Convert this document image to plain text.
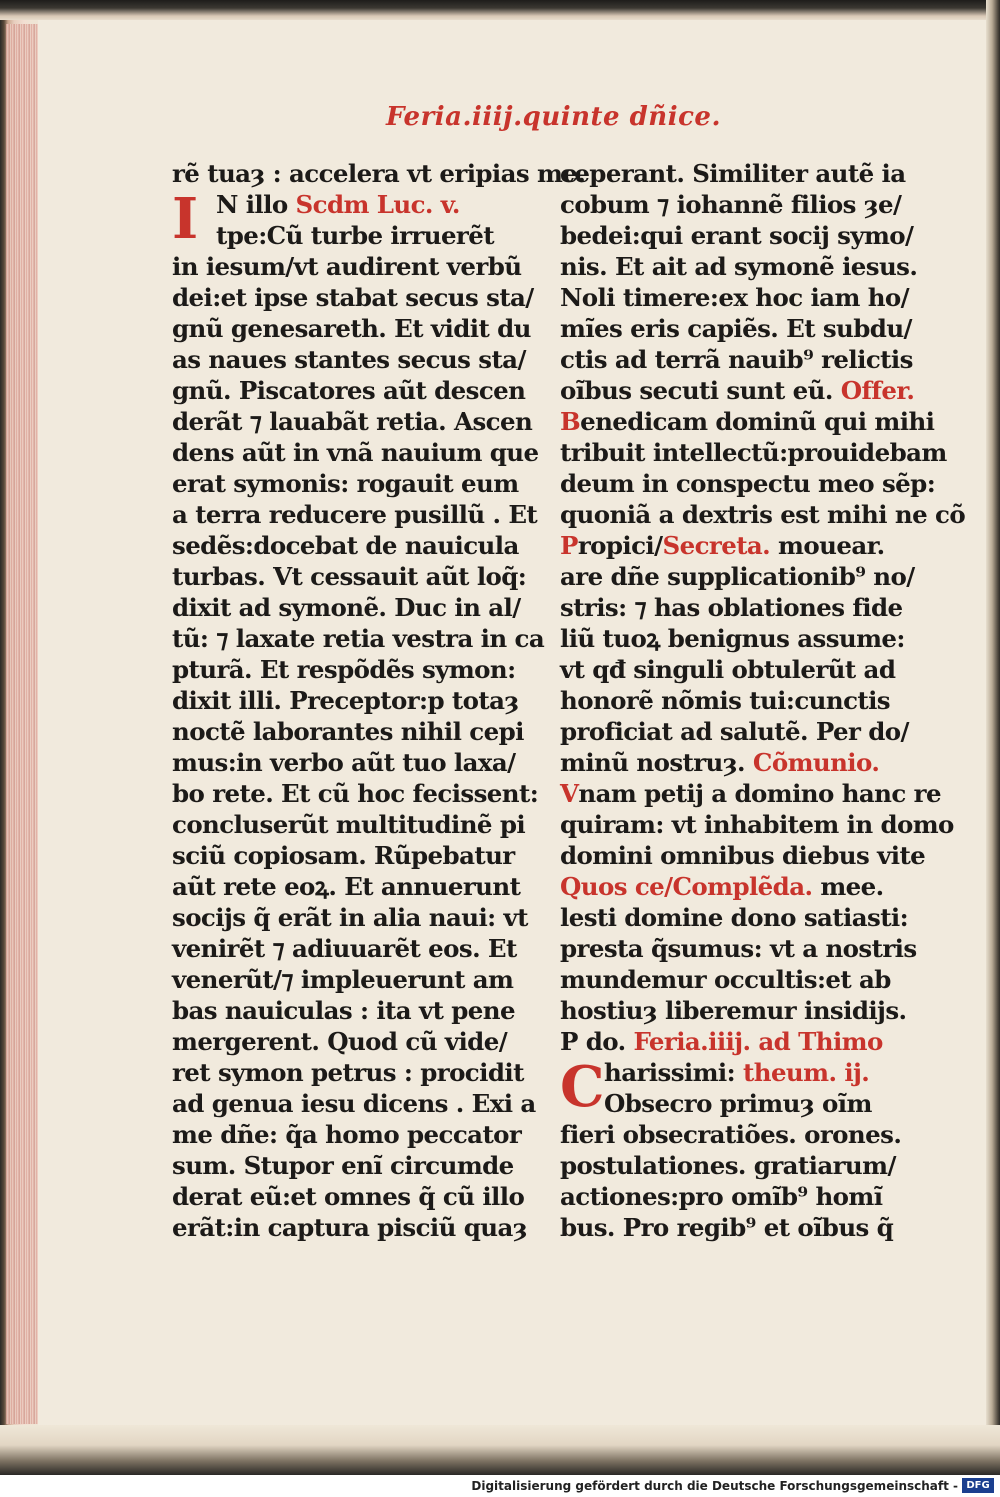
Feria.iiij.quinte dñice.
rẽ tuaȝ : accelera vt eripias me.
I N illo Scdm Luc. v.
tpe:Cũ turbe irruerẽt
in iesum/vt audirent verbũ
dei:et ipse stabat secus sta/
gnũ genesareth. Et vidit du
as naues stantes secus sta/
gnũ. Piscatores aũt descen
derãt ⁊ lauabãt retia. Ascen
dens aũt in vnã nauium que
erat symonis: rogauit eum
a terra reducere pusillũ . Et
sedẽs:docebat de nauicula
turbas. Vt cessauit aũt loq̃:
dixit ad symonẽ. Duc in al/
tũ: ⁊ laxate retia vestra in ca
pturã. Et respõdẽs symon:
dixit illi. Preceptor:p totaȝ
noctẽ laborantes nihil cepi
mus:in verbo aũt tuo laxa/
bo rete. Et cũ hoc fecissent:
concluserũt multitudinẽ pi
sciũ copiosam. Rũpebatur
aũt rete eoꝝ. Et annuerunt
socijs q̃ erãt in alia naui: vt
venirẽt ⁊ adiuuarẽt eos. Et
venerũt/⁊ impleuerunt am
bas nauiculas : ita vt pene
mergerent. Quod cũ vide/
ret symon petrus : procidit
ad genua iesu dicens . Exi a
me dñe: q̃a homo peccator
sum. Stupor enĩ circumde
derat eũ:et omnes q̃ cũ illo
erãt:in captura pisciũ quaȝ
ceperant. Similiter autẽ ia
cobum ⁊ iohannẽ filios ȝe/
bedei:qui erant socij symo/
nis. Et ait ad symonẽ iesus.
Noli timere:ex hoc iam ho/
mĩes eris capiẽs. Et subdu/
ctis ad terrã nauib⁹ relictis
oĩbus secuti sunt eũ. Offer.
Benedicam dominũ qui mihi
tribuit intellectũ:prouidebam
deum in conspectu meo sẽp:
quoniã a dextris est mihi ne cõ
Propici/Secreta. mouear.
are dñe supplicationib⁹ no/
stris: ⁊ has oblationes fide
liũ tuoꝝ benignus assume:
vt qđ singuli obtulerũt ad
honorẽ nõmis tui:cunctis
proficiat ad salutẽ. Per do/
minũ nostruȝ. Cõmunio.
Vnam petij a domino hanc re
quiram: vt inhabitem in domo
domini omnibus diebus vite
Quos ce/Complẽda. mee.
lesti domine dono satiasti:
presta q̃sumus: vt a nostris
mundemur occultis:et ab
hostiuȝ liberemur insidijs.
P do. Feria.iiij. ad Thimo
Charissimi: theum. ij.
Obsecro primuȝ oĩm
fieri obsecratiões. orones.
postulationes. gratiarum/
actiones:pro omĩb⁹ homĩ
bus. Pro regib⁹ et oĩbus q̃
Digitalisierung gefördert durch die Deutsche Forschungsgemeinschaft - DFG
